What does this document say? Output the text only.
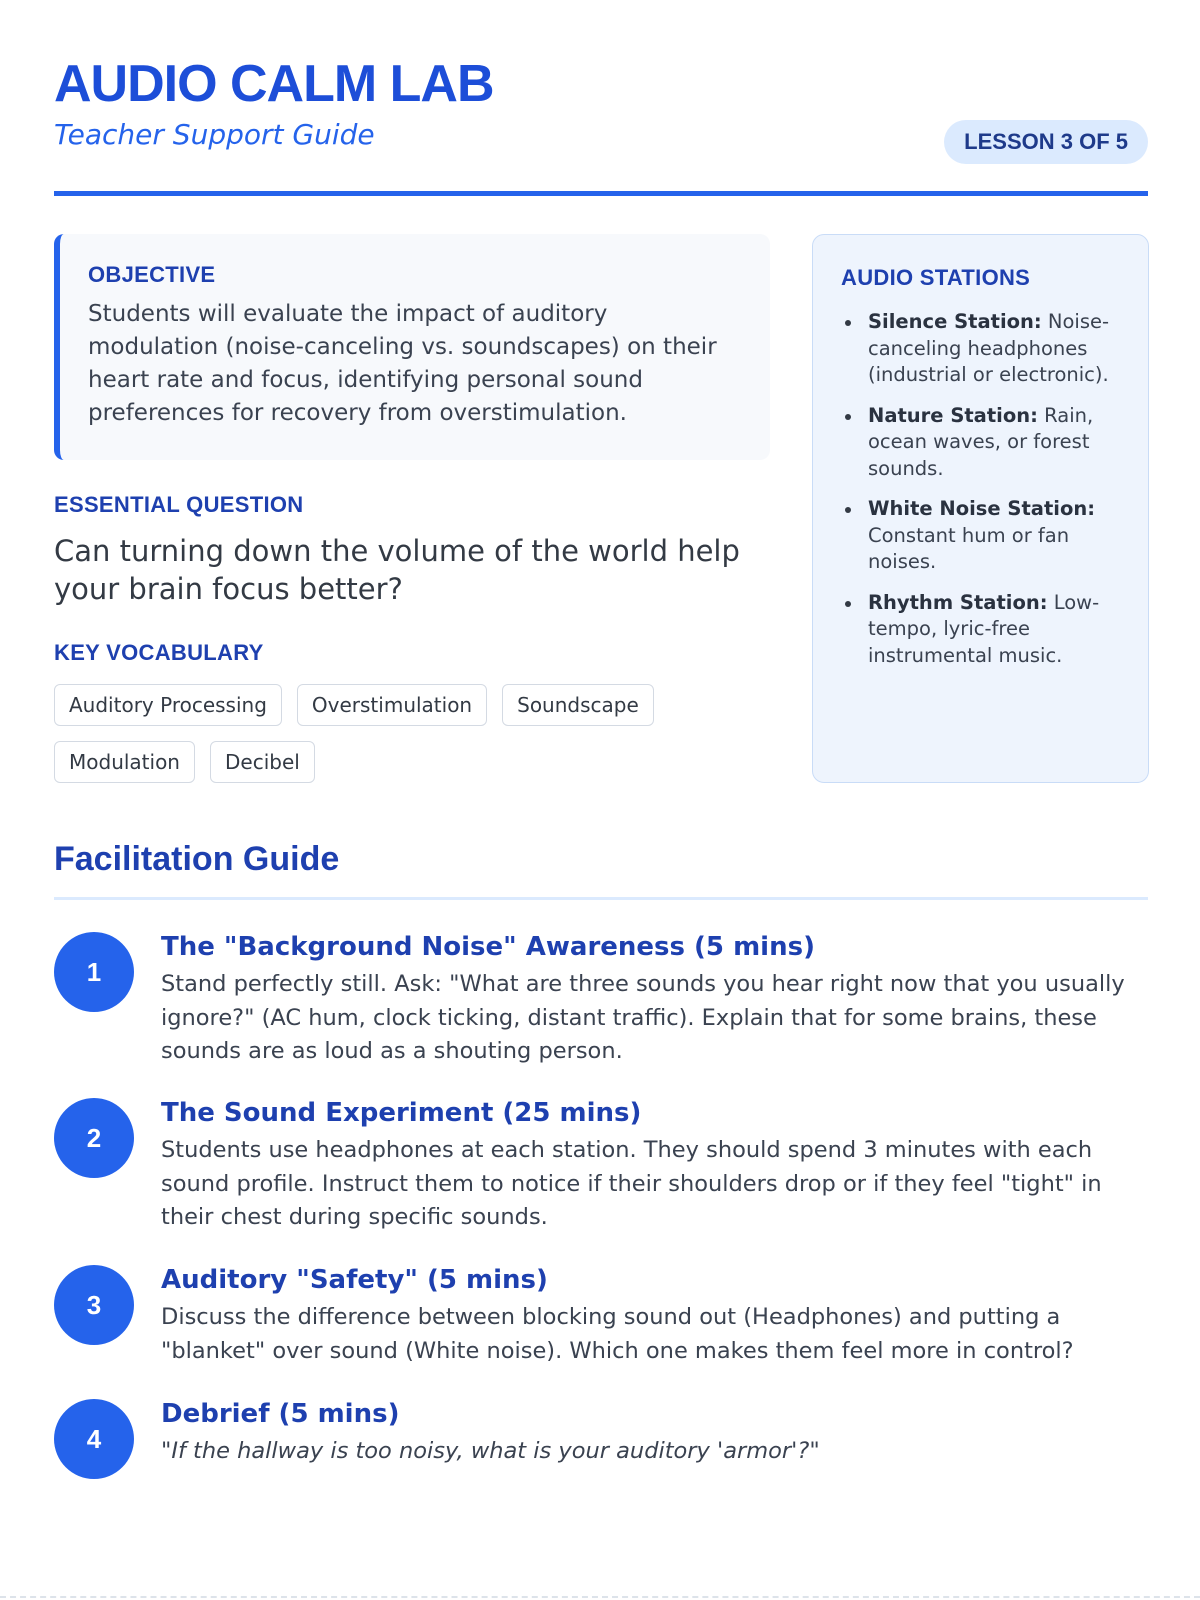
AUDIO CALM LAB
Teacher Support Guide	LESSON 3 OF 5
OBJECTIVE
Students will evaluate the impact of auditory modulation (noise-canceling vs. soundscapes) on their heart rate and focus, identifying personal sound preferences for recovery from overstimulation.
ESSENTIAL QUESTION
Can turning down the volume of the world help your brain focus better?
KEY VOCABULARY
Auditory Processing	Overstimulation	Soundscape
Modulation	Decibel
AUDIO STATIONS
Silence Station: Noise-canceling headphones (industrial or electronic).
Nature Station: Rain, ocean waves, or forest sounds.
White Noise Station: Constant hum or fan noises.
Rhythm Station: Low-tempo, lyric-free instrumental music.
Facilitation Guide
1
The "Background Noise" Awareness (5 mins)
Stand perfectly still. Ask: "What are three sounds you hear right now that you usually ignore?" (AC hum, clock ticking, distant traffic). Explain that for some brains, these sounds are as loud as a shouting person.
2
The Sound Experiment (25 mins)
Students use headphones at each station. They should spend 3 minutes with each sound profile. Instruct them to notice if their shoulders drop or if they feel "tight" in their chest during specific sounds.
3
Auditory "Safety" (5 mins)
Discuss the difference between blocking sound out (Headphones) and putting a "blanket" over sound (White noise). Which one makes them feel more in control?
4
Debrief (5 mins)
"If the hallway is too noisy, what is your auditory 'armor'?"
